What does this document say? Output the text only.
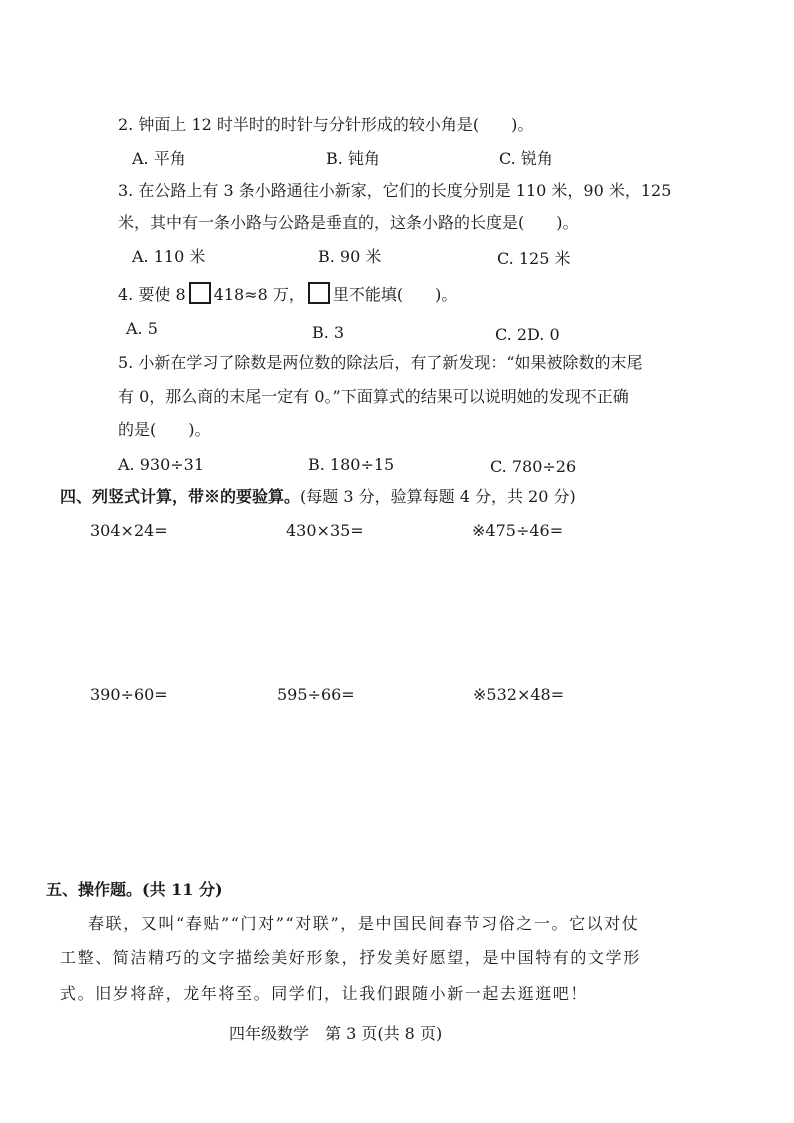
2. 钟面上 12 时半时的时针与分针形成的较小角是(　　)。
A. 平角	B. 钝角	C. 锐角
3. 在公路上有 3 条小路通往小新家，它们的长度分别是 110 米，90 米，125
米，其中有一条小路与公路是垂直的，这条小路的长度是(　　)。
A. 110 米	B. 90 米	C. 125 米
4. 要使 8 418≈8 万， 里不能填(　　)。
A. 5	B. 3	C. 2D. 0
5. 小新在学习了除数是两位数的除法后，有了新发现：“如果被除数的末尾
有 0，那么商的末尾一定有 0。”下面算式的结果可以说明她的发现不正确
的是(　　)。
A. 930÷31	B. 180÷15	C. 780÷26
四、列竖式计算，带※的要验算。(每题 3 分，验算每题 4 分，共 20 分)
304×24=	430×35=	※475÷46=
390÷60=	595÷66=	※532×48=
五、操作题。(共 11 分)
春联，又叫“春贴”“门对”“对联”，是中国民间春节习俗之一。它以对仗
工整、简洁精巧的文字描绘美好形象，抒发美好愿望，是中国特有的文学形
式。旧岁将辞，龙年将至。同学们，让我们跟随小新一起去逛逛吧！
四年级数学　第 3 页(共 8 页)
